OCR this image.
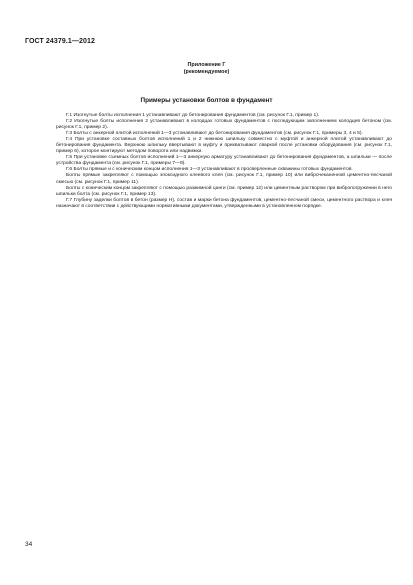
ГОСТ 24379.1—2012
Приложение Г
(рекомендуемое)
Примеры установки болтов в фундамент

Г.1 Изогнутые болты исполнения 1 устанавливают до бетонирования фундаментов (см. рисунок Г.1, пример 1).

Г.2 Изогнутые болты исполнения 2 устанавливают в колодцах готовых фундаментов с последующим заполнением колодцев бетоном (см. рисунок Г.1, пример 2).

Г.3 Болты с анкерной плитой исполнений 1—3 устанавливают до бетонирования фундаментов (см. рисунок Г.1, примеры 3, 4 и 5).

Г.4 При установке составных болтов исполнений 1 и 2 нижнюю шпильку совместно с муфтой и анкерной плитой устанавливают до бетонирования фундамента. Верхнюю шпильку ввертывают в муфту и прихватывают сваркой после установки оборудования (см. рисунок Г.1, пример 6), которое монтируют методом поворота или надвижки.

Г.5 При установке съемных болтов исполнений 1—3 анкерную арматуру устанавливают до бетонирования фундаментов, а шпильки — после устройства фундамента (см. рисунок Г.1, примеры 7—9).

Г.6 Болты прямые и с коническим концом исполнения 1—3 устанавливают в просверленные скважины готовых фундаментов.

Болты прямые закрепляют с помощью эпоксидного клеевого клея (см. рисунок Г.1, пример 10) или виброчеканенной цементно-песчаной смесью (см. рисунок Г.1, пример 11).

Болты с коническим концом закрепляют с помощью разжимной цанги (см. пример 12) или цементным раствором при вибропогружении в него шпильки болта (см. рисунок Г.1, пример 13).

Г.7 Глубину заделки болтов в бетон (размер Н), состав и марки бетона фундаментов, цементно-песчаной смеси, цементного раствора и клея назначают в соответствии с действующими нормативными документами, утвержденными в установленном порядке.

34
